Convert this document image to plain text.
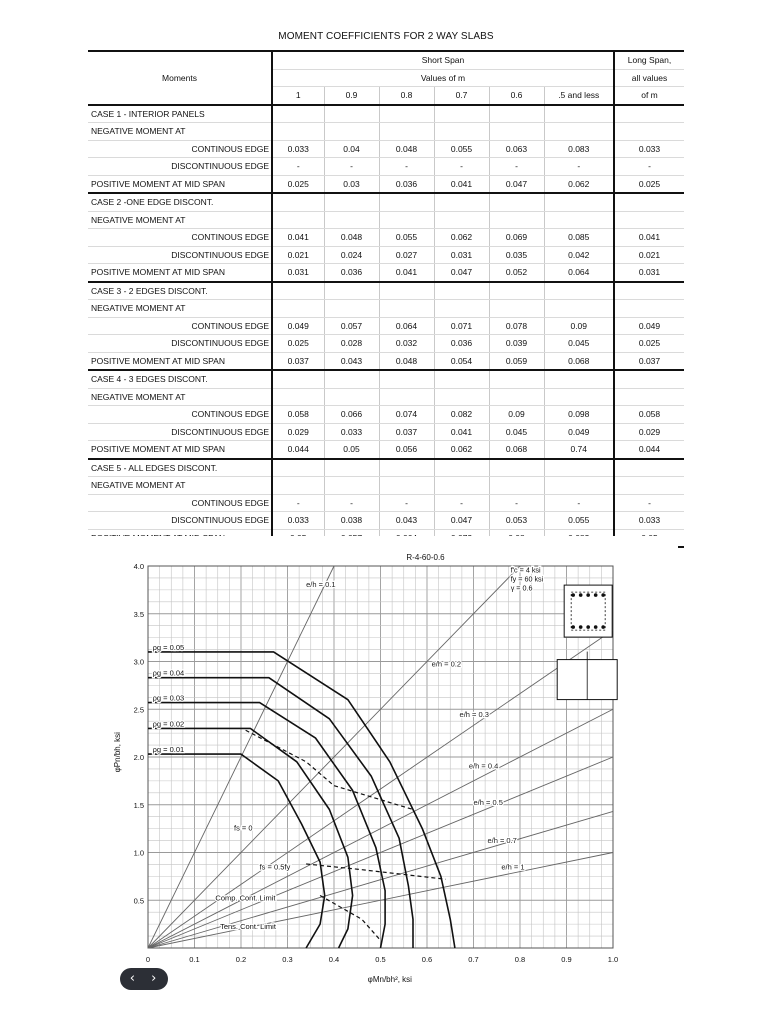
MOMENT COEFFICIENTS FOR 2 WAY SLABS
Moments	Short Span						Long Span,
	Values of m						all values
	1	0.9	0.8	0.7	0.6	.5 and less	of m
CASE 1 - INTERIOR PANELS							
NEGATIVE MOMENT AT							
CONTINOUS EDGE	0.033	0.04	0.048	0.055	0.063	0.083	0.033
DISCONTINUOUS EDGE	-	-	-	-	-	-	-
POSITIVE MOMENT AT MID SPAN	0.025	0.03	0.036	0.041	0.047	0.062	0.025
CASE 2 -ONE EDGE DISCONT.							
NEGATIVE MOMENT AT							
CONTINOUS EDGE	0.041	0.048	0.055	0.062	0.069	0.085	0.041
DISCONTINUOUS EDGE	0.021	0.024	0.027	0.031	0.035	0.042	0.021
POSITIVE MOMENT AT MID SPAN	0.031	0.036	0.041	0.047	0.052	0.064	0.031
CASE 3 - 2 EDGES DISCONT.							
NEGATIVE MOMENT AT							
CONTINOUS EDGE	0.049	0.057	0.064	0.071	0.078	0.09	0.049
DISCONTINUOUS EDGE	0.025	0.028	0.032	0.036	0.039	0.045	0.025
POSITIVE MOMENT AT MID SPAN	0.037	0.043	0.048	0.054	0.059	0.068	0.037
CASE 4 - 3 EDGES DISCONT.							
NEGATIVE MOMENT AT							
CONTINOUS EDGE	0.058	0.066	0.074	0.082	0.09	0.098	0.058
DISCONTINUOUS EDGE	0.029	0.033	0.037	0.041	0.045	0.049	0.029
POSITIVE MOMENT AT MID SPAN	0.044	0.05	0.056	0.062	0.068	0.74	0.044
CASE 5 - ALL EDGES DISCONT.							
NEGATIVE MOMENT AT							
CONTINOUS EDGE	-	-	-	-	-	-	-
DISCONTINUOUS EDGE	0.033	0.038	0.043	0.047	0.053	0.055	0.033

e/h = 0.1
e/h = 0.2
e/h = 0.3
e/h = 0.4
e/h = 0.5
e/h = 0.7
e/h = 1
ρg = 0.01
ρg = 0.02
ρg = 0.03
ρg = 0.04
ρg = 0.05
fs = 0
fs = 0.5fy
Comp. Cont. Limit
Tens. Cont. Limit
0	0.1	0.2	0.3	0.4	0.5	0.6	0.7	0.8	0.9	1.0
0.5
1.0
1.5
2.0
2.5
3.0
3.5
4.0
R-4-60-0.6
φMn/bh², ksi
φPn/bh, ksi
f'c = 4 ksi
fy = 60 ksi
γ = 0.6
‹ ›
